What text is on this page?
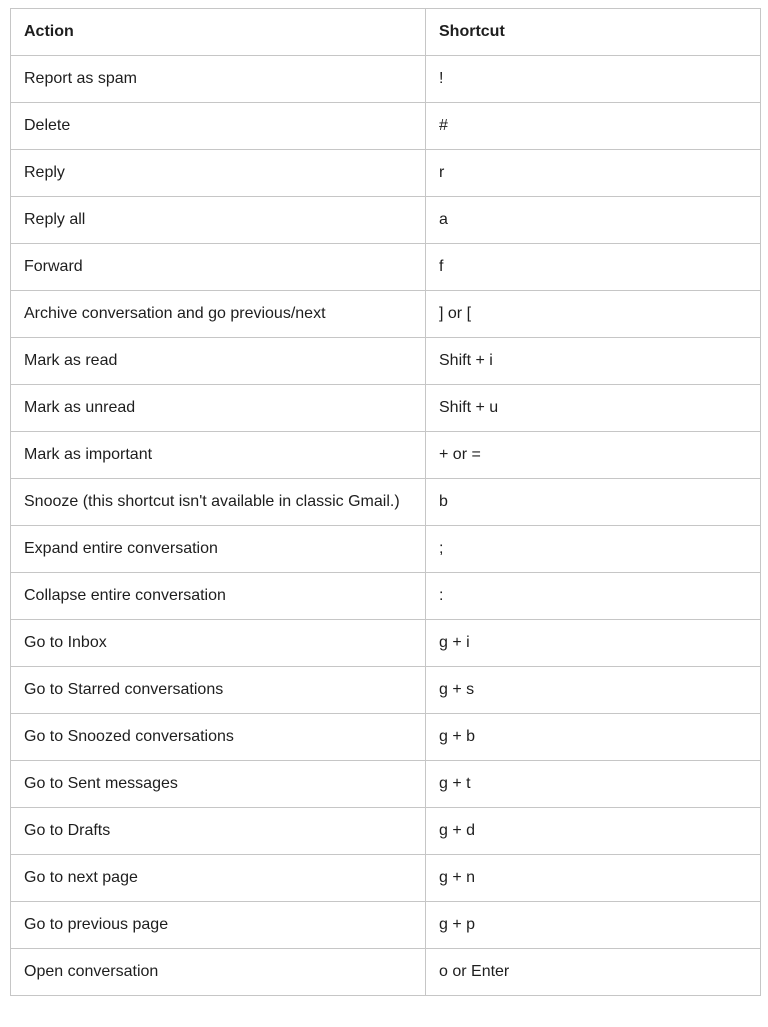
Action	Shortcut
Report as spam	!
Delete	#
Reply	r
Reply all	a
Forward	f
Archive conversation and go previous/next	] or [
Mark as read	Shift + i
Mark as unread	Shift + u
Mark as important	+ or =
Snooze (this shortcut isn't available in classic Gmail.)	b
Expand entire conversation	;
Collapse entire conversation	:
Go to Inbox	g + i
Go to Starred conversations	g + s
Go to Snoozed conversations	g + b
Go to Sent messages	g + t
Go to Drafts	g + d
Go to next page	g + n
Go to previous page	g + p
Open conversation	o or Enter
